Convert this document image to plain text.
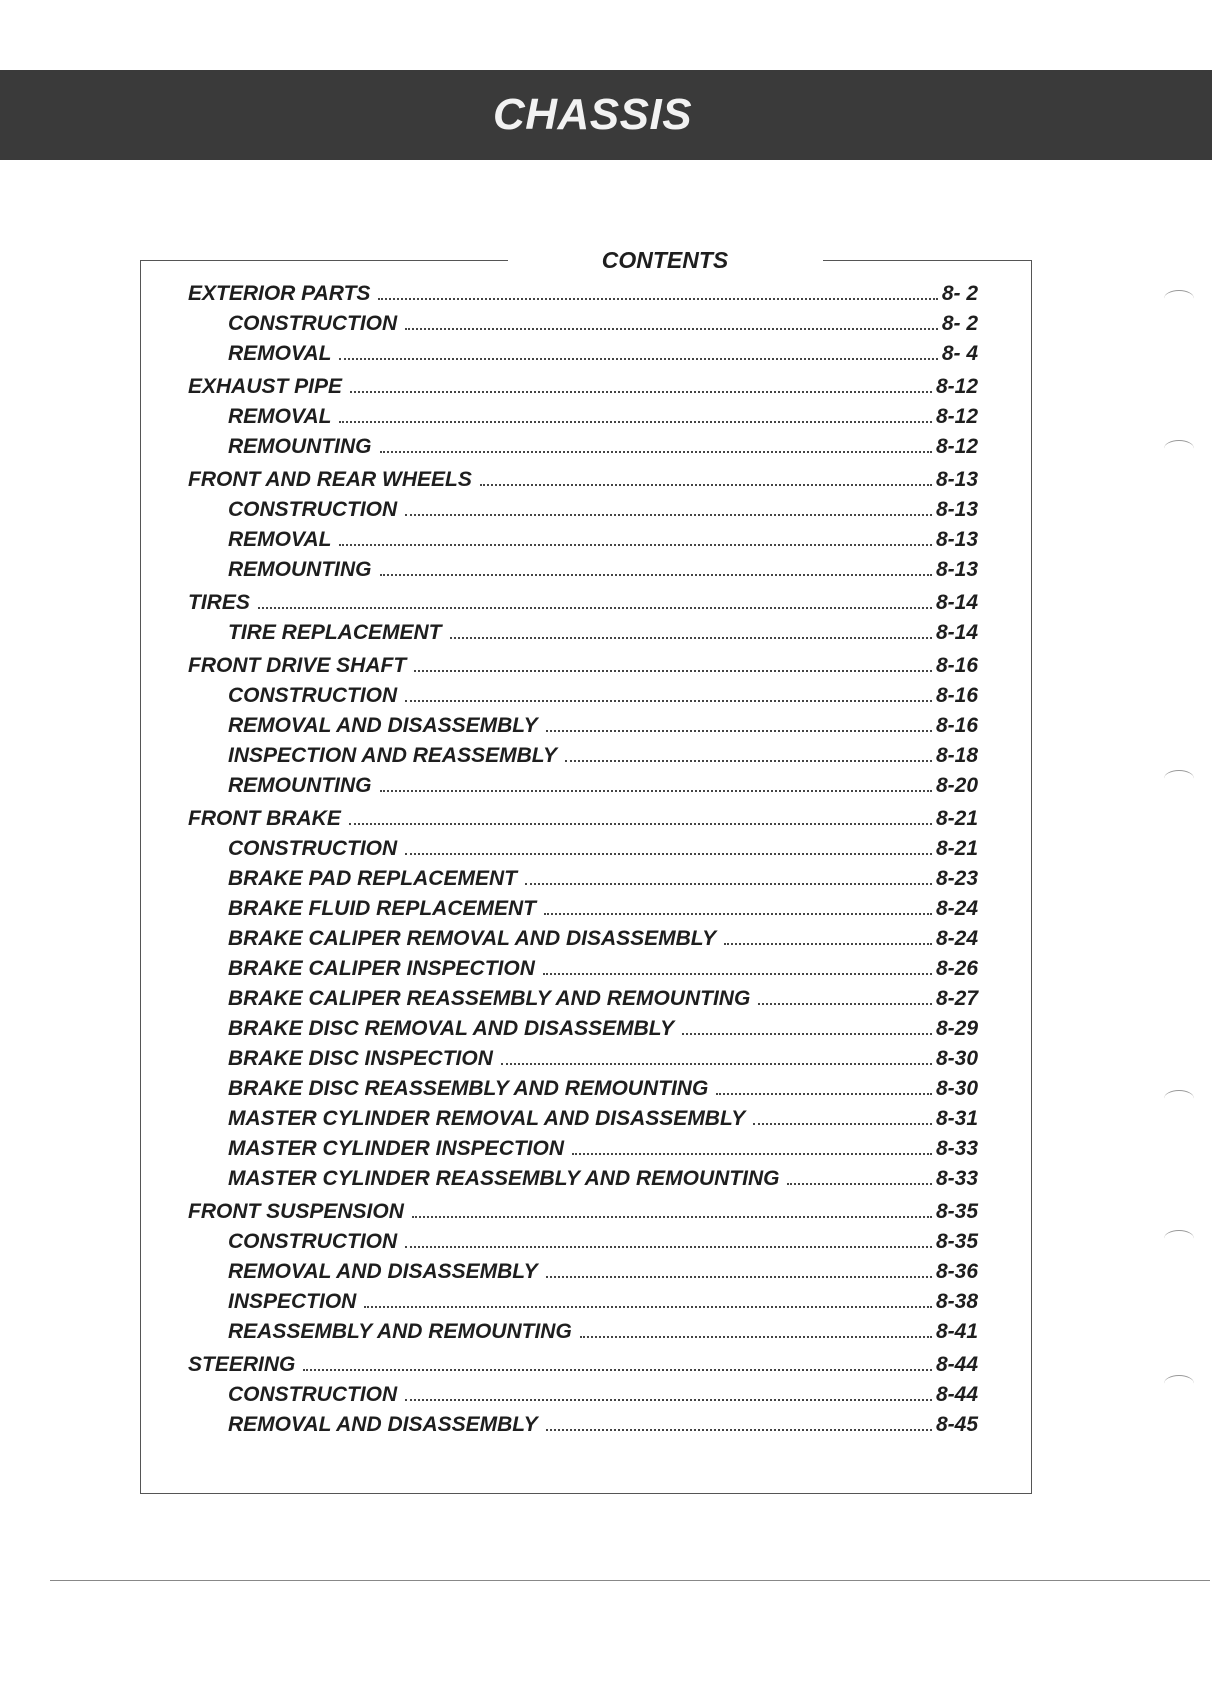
CHASSIS
CONTENTS
EXTERIOR PARTS	8- 2
CONSTRUCTION	8- 2
REMOVAL	8- 4
EXHAUST PIPE	8-12
REMOVAL	8-12
REMOUNTING	8-12
FRONT AND REAR WHEELS	8-13
CONSTRUCTION	8-13
REMOVAL	8-13
REMOUNTING	8-13
TIRES	8-14
TIRE REPLACEMENT	8-14
FRONT DRIVE SHAFT	8-16
CONSTRUCTION	8-16
REMOVAL AND DISASSEMBLY	8-16
INSPECTION AND REASSEMBLY	8-18
REMOUNTING	8-20
FRONT BRAKE	8-21
CONSTRUCTION	8-21
BRAKE PAD REPLACEMENT	8-23
BRAKE FLUID REPLACEMENT	8-24
BRAKE CALIPER REMOVAL AND DISASSEMBLY	8-24
BRAKE CALIPER INSPECTION	8-26
BRAKE CALIPER REASSEMBLY AND REMOUNTING	8-27
BRAKE DISC REMOVAL AND DISASSEMBLY	8-29
BRAKE DISC INSPECTION	8-30
BRAKE DISC REASSEMBLY AND REMOUNTING	8-30
MASTER CYLINDER REMOVAL AND DISASSEMBLY	8-31
MASTER CYLINDER INSPECTION	8-33
MASTER CYLINDER REASSEMBLY AND REMOUNTING	8-33
FRONT SUSPENSION	8-35
CONSTRUCTION	8-35
REMOVAL AND DISASSEMBLY	8-36
INSPECTION	8-38
REASSEMBLY AND REMOUNTING	8-41
STEERING	8-44
CONSTRUCTION	8-44
REMOVAL AND DISASSEMBLY	8-45
